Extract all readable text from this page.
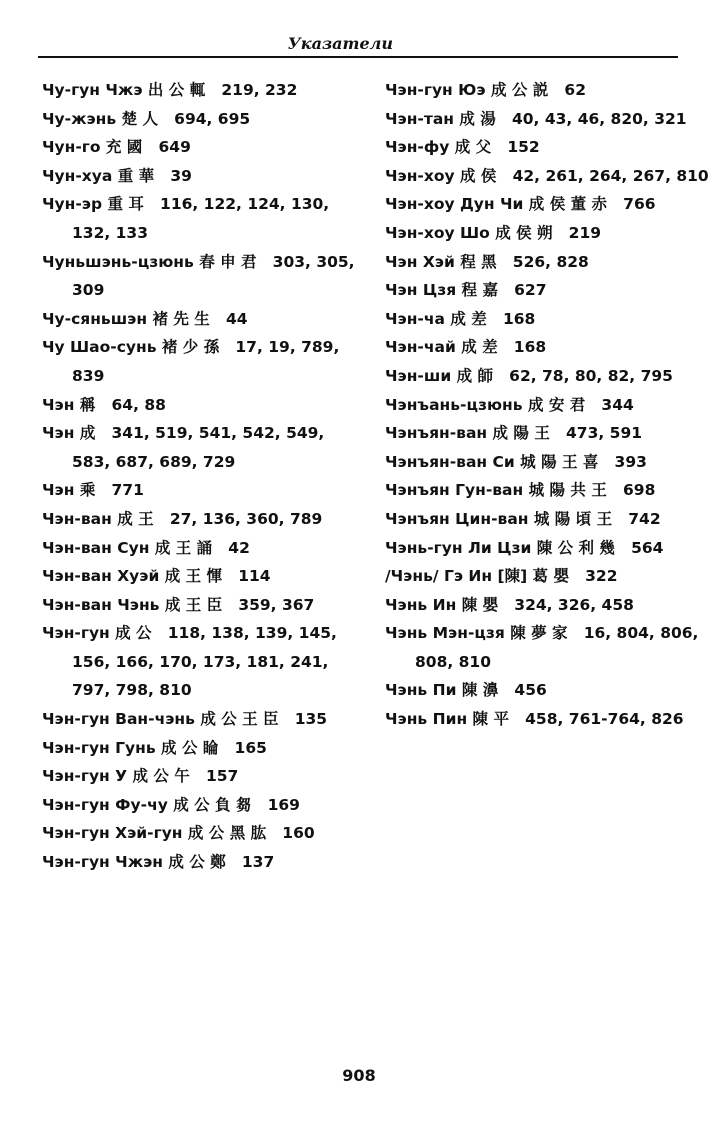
Указатели
Чу-гун Чжэ 出 公 輒   219, 232
Чу-жэнь 楚 人   694, 695
Чун-го 充 國   649
Чун-хуа 重 華   39
Чун-эр 重 耳   116, 122, 124, 130, 132, 133
Чуньшэнь-цзюнь 春 申 君   303, 305, 309
Чу-сяньшэн 褚 先 生   44
Чу Шао-сунь 褚 少 孫   17, 19, 789, 839
Чэн 稱   64, 88
Чэн 成   341, 519, 541, 542, 549, 583, 687, 689, 729
Чэн 乘   771
Чэн-ван 成 王   27, 136, 360, 789
Чэн-ван Сун 成 王 誦   42
Чэн-ван Хуэй 成 王 惲   114
Чэн-ван Чэнь 成 王 臣   359, 367
Чэн-гун 成 公   118, 138, 139, 145, 156, 166, 170, 173, 181, 241, 797, 798, 810
Чэн-гун Ван-чэнь 成 公 王 臣   135
Чэн-гун Гунь 成 公 睔   165
Чэн-гун У 成 公 午   157
Чэн-гун Фу-чу 成 公 負 芻   169
Чэн-гун Хэй-гун 成 公 黑 肱   160
Чэн-гун Чжэн 成 公 鄭   137
Чэн-гун Юэ 成 公 説   62
Чэн-тан 成 湯   40, 43, 46, 820, 321
Чэн-фу 成 父   152
Чэн-хоу 成 侯   42, 261, 264, 267, 810
Чэн-хоу Дун Чи 成 侯 董 赤   766
Чэн-хоу Шо 成 侯 朔   219
Чэн Хэй 程 黑   526, 828
Чэн Цзя 程 嘉   627
Чэн-ча 成 差   168
Чэн-чай 成 差   168
Чэн-ши 成 師   62, 78, 80, 82, 795
Чэнъань-цзюнь 成 安 君   344
Чэнъян-ван 成 陽 王   473, 591
Чэнъян-ван Си 城 陽 王 喜   393
Чэнъян Гун-ван 城 陽 共 王   698
Чэнъян Цин-ван 城 陽 頃 王   742
Чэнь-гун Ли Цзи 陳 公 利 幾   564
/Чэнь/ Гэ Ин [陳] 葛 嬰   322
Чэнь Ин 陳 嬰   324, 326, 458
Чэнь Мэн-цзя 陳 夢 家   16, 804, 806, 808, 810
Чэнь Пи 陳 濞   456
Чэнь Пин 陳 平   458, 761-764, 826
908
